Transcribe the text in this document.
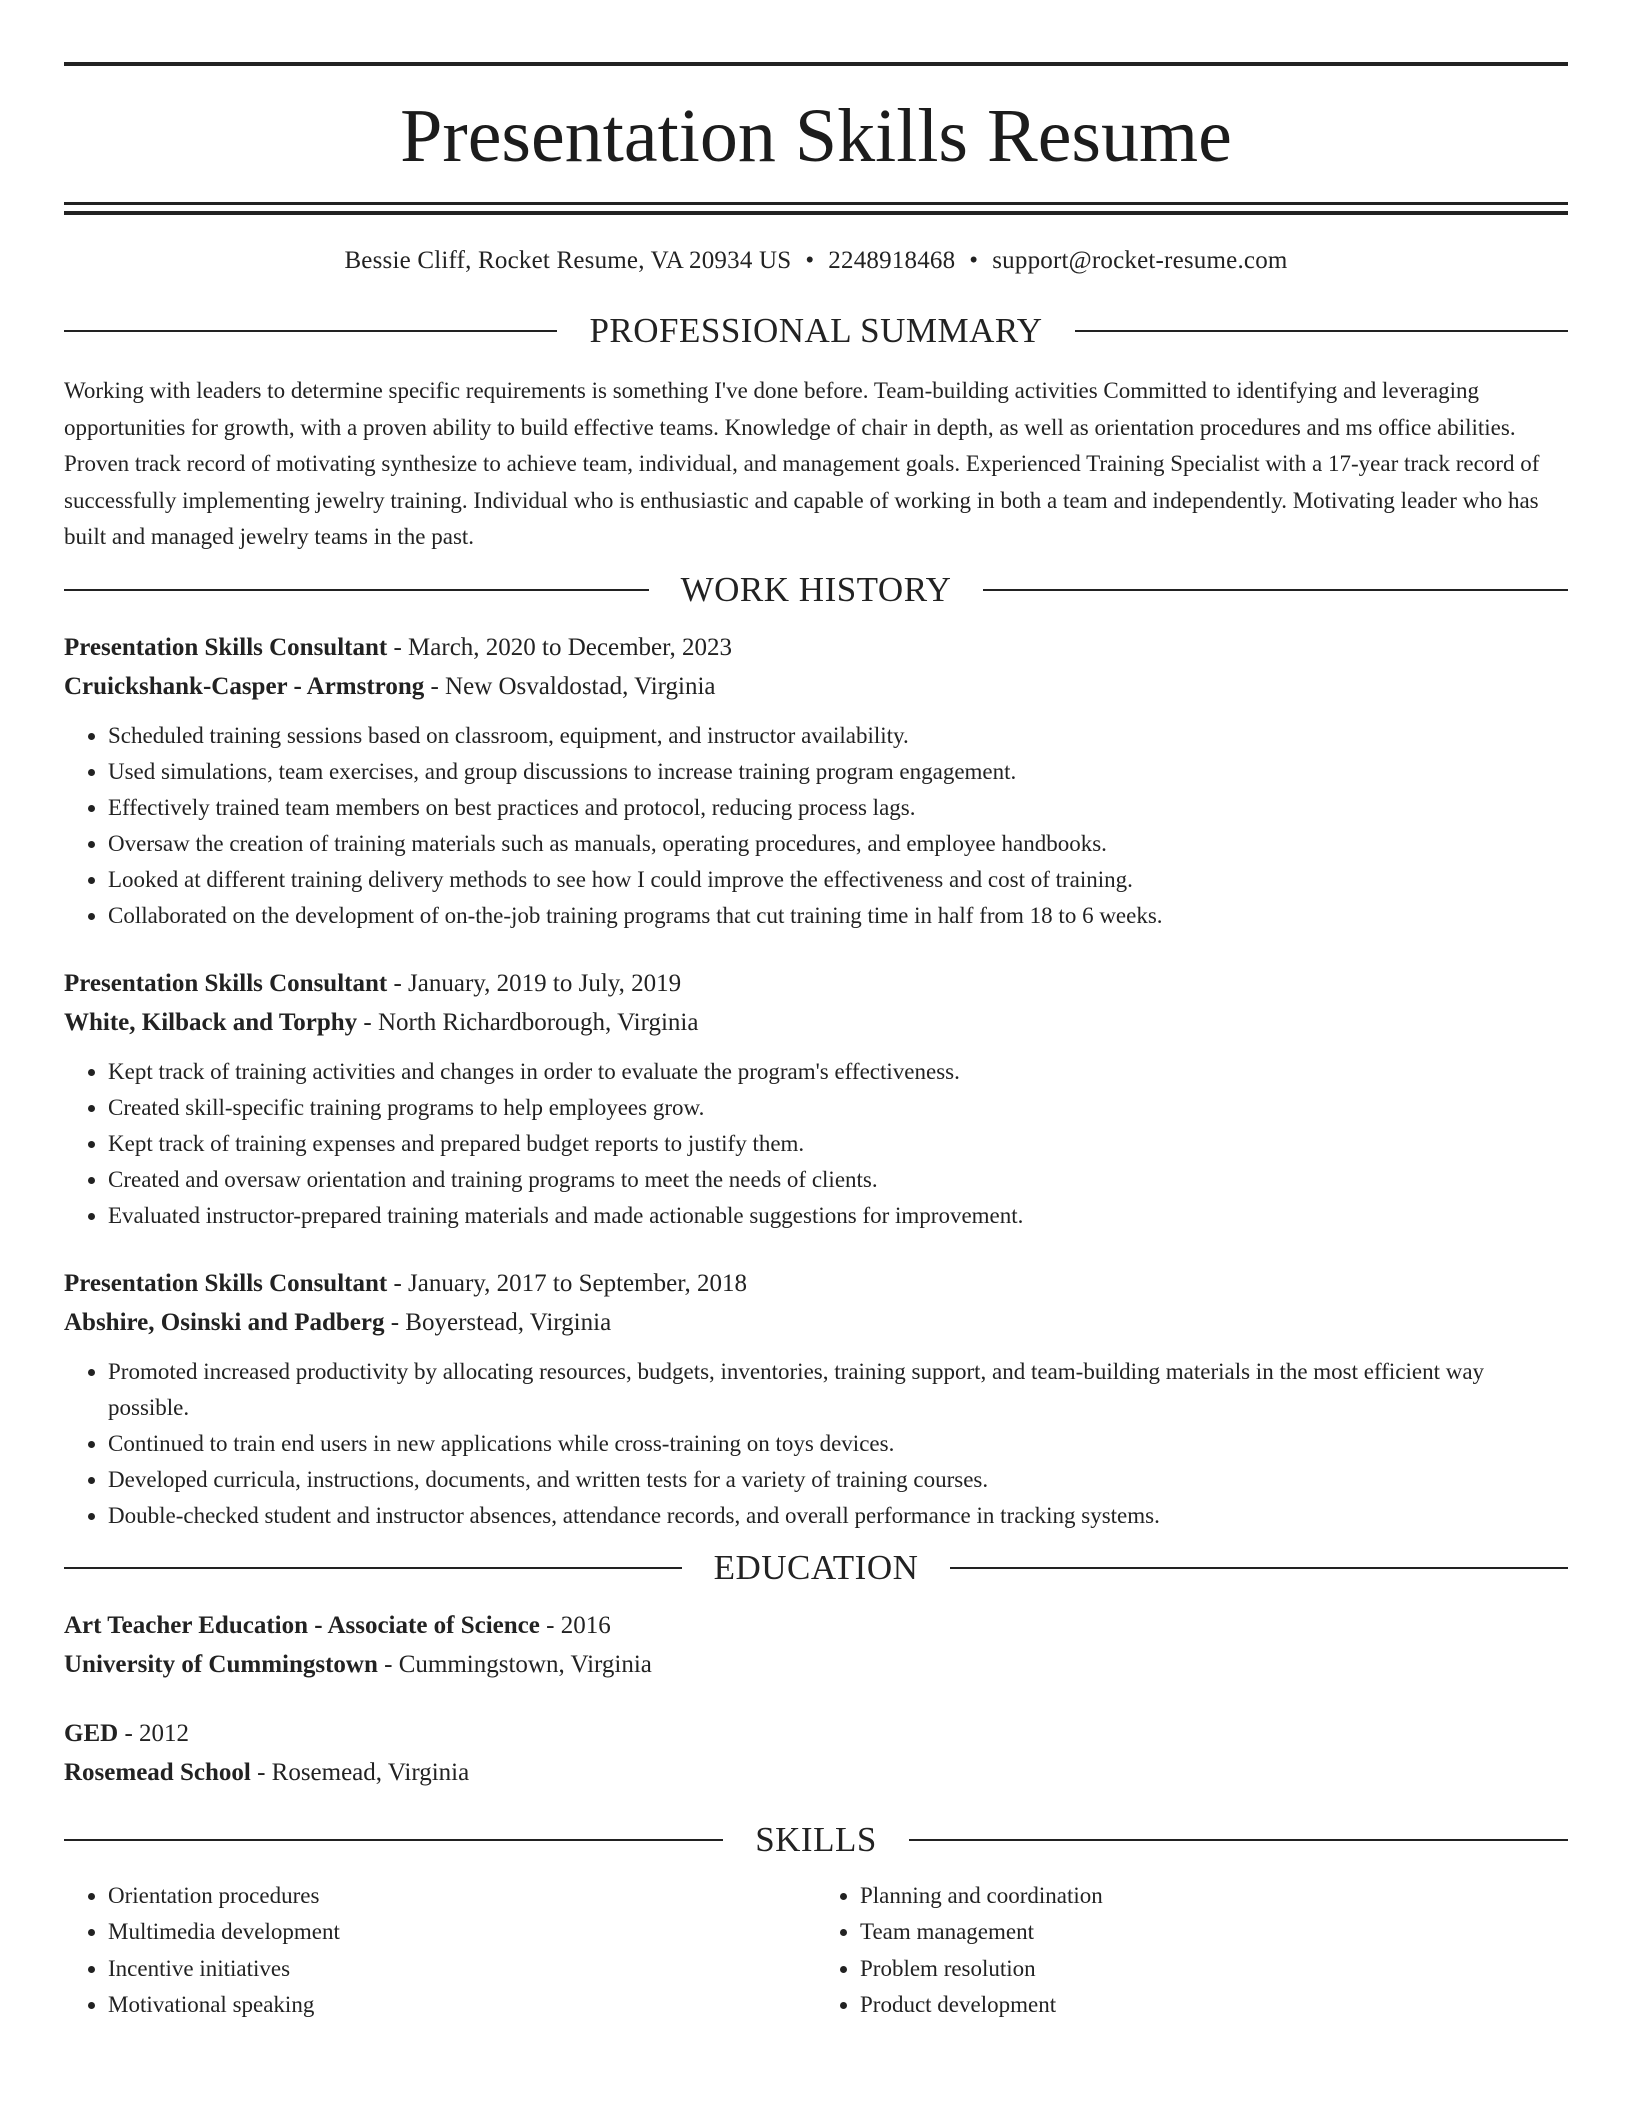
Presentation Skills Resume
Bessie Cliff, Rocket Resume, VA 20934 US • 2248918468 • support@rocket-resume.com
PROFESSIONAL SUMMARY

Working with leaders to determine specific requirements is something I've done before. Team-building activities Committed to identifying and leveraging opportunities for growth, with a proven ability to build effective teams. Knowledge of chair in depth, as well as orientation procedures and ms office abilities. Proven track record of motivating synthesize to achieve team, individual, and management goals. Experienced Training Specialist with a 17-year track record of successfully implementing jewelry training. Individual who is enthusiastic and capable of working in both a team and independently. Motivating leader who has built and managed jewelry teams in the past.

WORK HISTORY
Presentation Skills Consultant - March, 2020 to December, 2023
Cruickshank-Casper - Armstrong - New Osvaldostad, Virginia
• Scheduled training sessions based on classroom, equipment, and instructor availability.
• Used simulations, team exercises, and group discussions to increase training program engagement.
• Effectively trained team members on best practices and protocol, reducing process lags.
• Oversaw the creation of training materials such as manuals, operating procedures, and employee handbooks.
• Looked at different training delivery methods to see how I could improve the effectiveness and cost of training.
• Collaborated on the development of on-the-job training programs that cut training time in half from 18 to 6 weeks.
Presentation Skills Consultant - January, 2019 to July, 2019
White, Kilback and Torphy - North Richardborough, Virginia
• Kept track of training activities and changes in order to evaluate the program's effectiveness.
• Created skill-specific training programs to help employees grow.
• Kept track of training expenses and prepared budget reports to justify them.
• Created and oversaw orientation and training programs to meet the needs of clients.
• Evaluated instructor-prepared training materials and made actionable suggestions for improvement.
Presentation Skills Consultant - January, 2017 to September, 2018
Abshire, Osinski and Padberg - Boyerstead, Virginia
• Promoted increased productivity by allocating resources, budgets, inventories, training support, and team-building materials in the most efficient way possible.
• Continued to train end users in new applications while cross-training on toys devices.
• Developed curricula, instructions, documents, and written tests for a variety of training courses.
• Double-checked student and instructor absences, attendance records, and overall performance in tracking systems.
EDUCATION
Art Teacher Education - Associate of Science - 2016
University of Cummingstown - Cummingstown, Virginia
GED - 2012
Rosemead School - Rosemead, Virginia
SKILLS
• Orientation procedures
• Multimedia development
• Incentive initiatives
• Motivational speaking
• Planning and coordination
• Team management
• Problem resolution
• Product development
